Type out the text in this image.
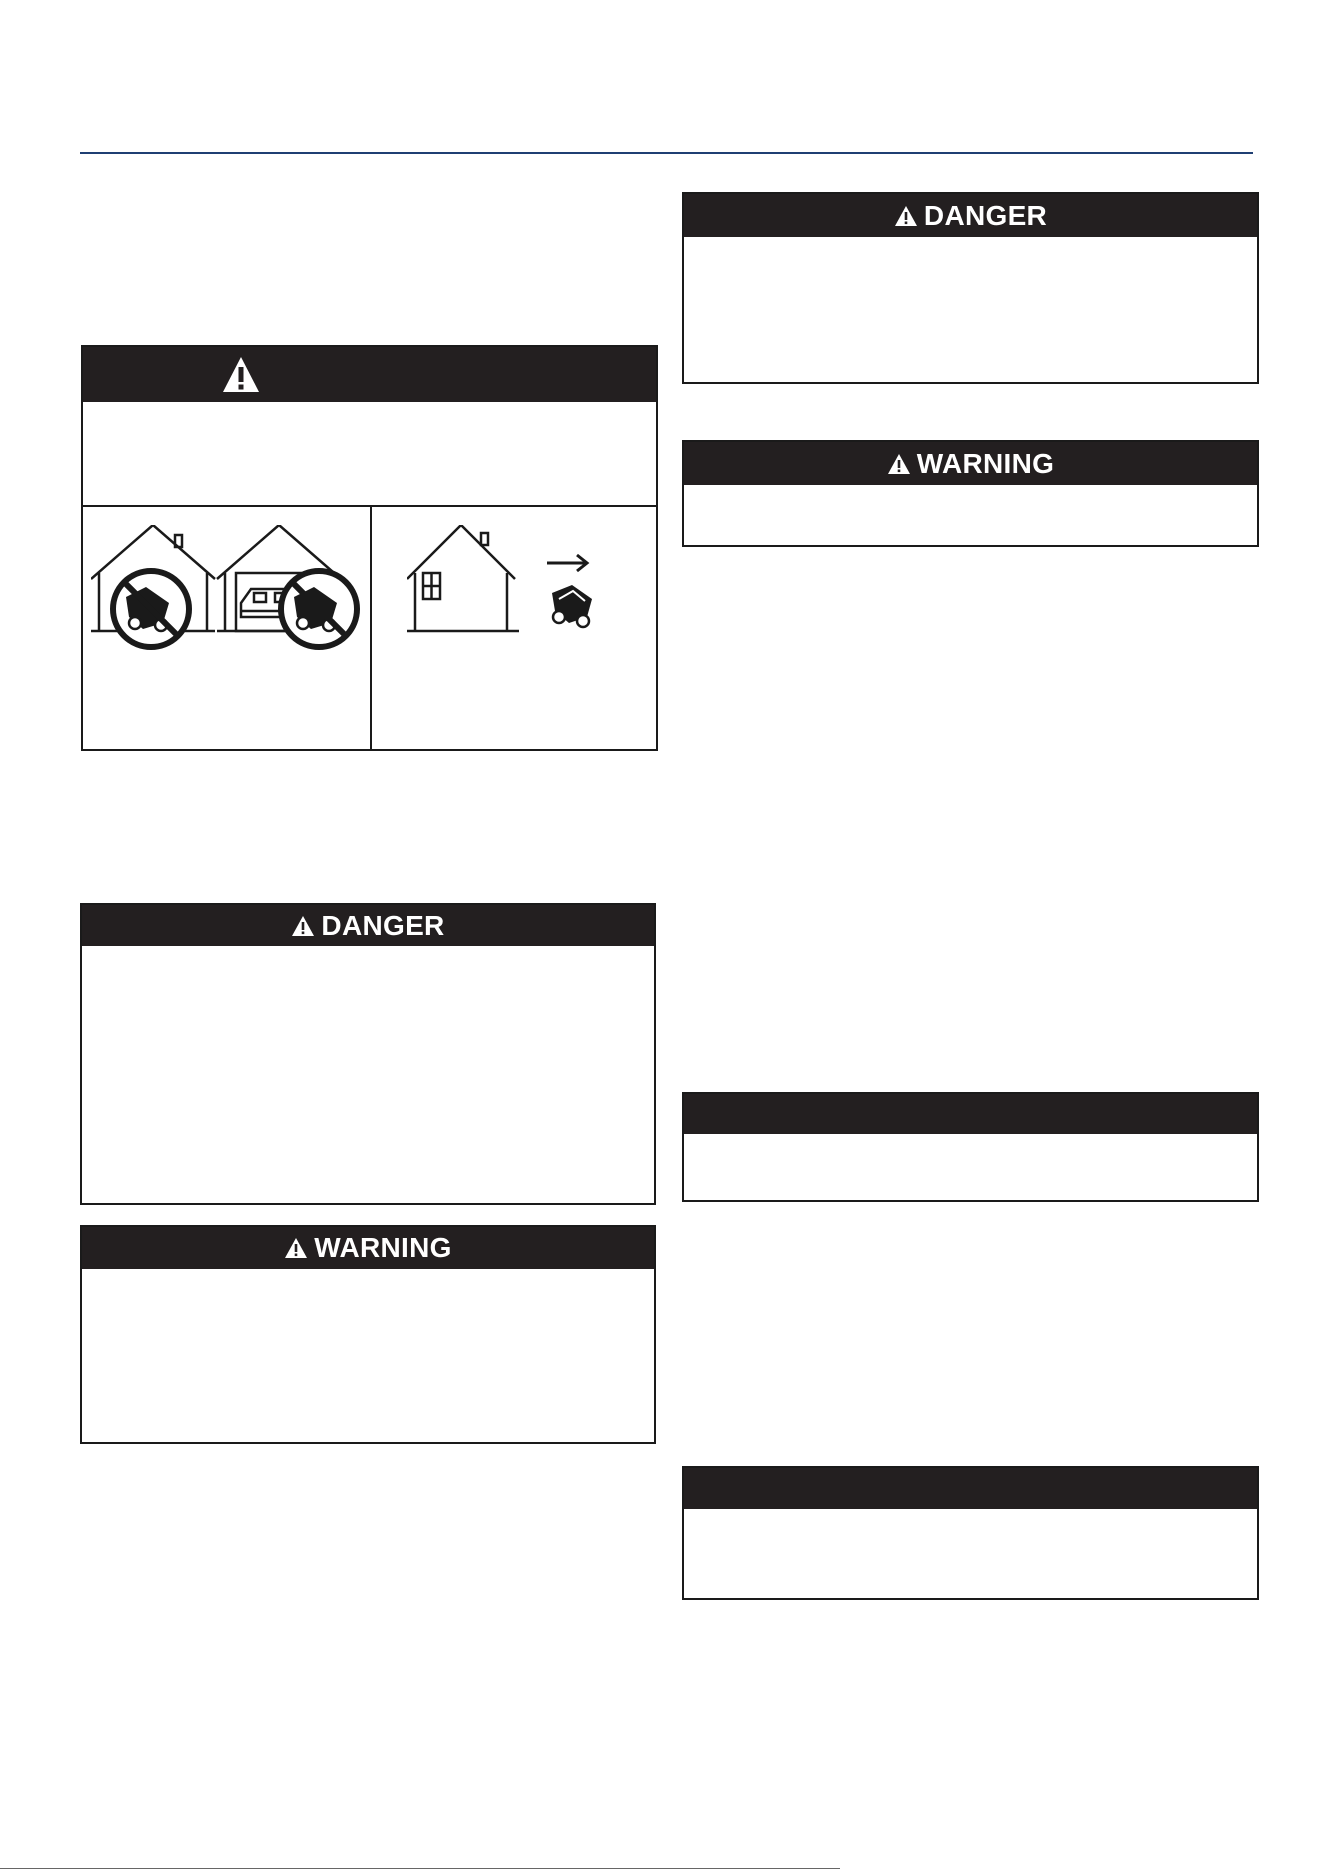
DANGER
WARNING
DANGER
WARNING
